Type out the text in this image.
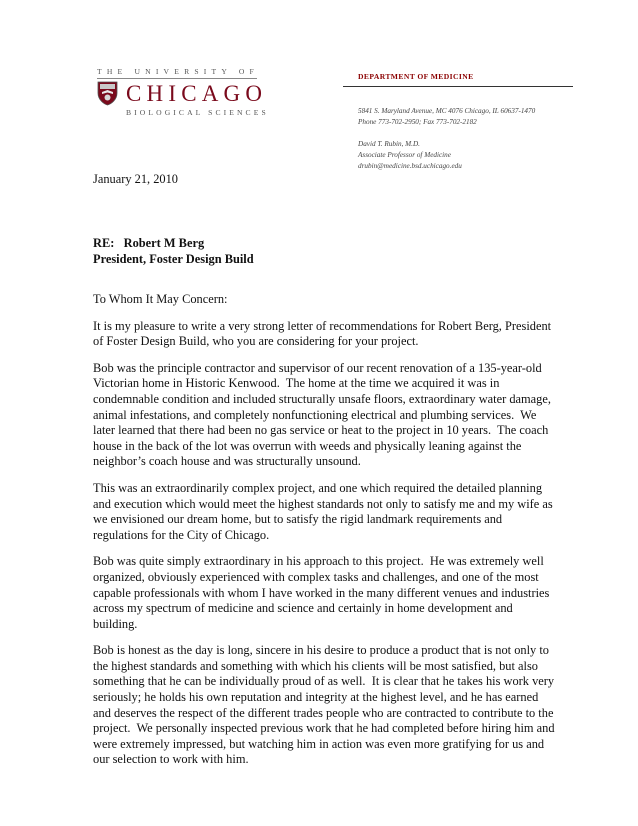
THE UNIVERSITY OF
CHICAGO
BIOLOGICAL SCIENCES
DEPARTMENT OF MEDICINE
5841 S. Maryland Avenue, MC 4076 Chicago, IL 60637-1470
Phone 773-702-2950; Fax 773-702-2182
David T. Rubin, M.D.
Associate Professor of Medicine
drubin@medicine.bsd.uchicago.edu
January 21, 2010
RE:   Robert M Berg
President, Foster Design Build

To Whom It May Concern:

It is my pleasure to write a very strong letter of recommendations for Robert Berg, President
of Foster Design Build, who you are considering for your project.

Bob was the principle contractor and supervisor of our recent renovation of a 135-year-old
Victorian home in Historic Kenwood.  The home at the time we acquired it was in
condemnable condition and included structurally unsafe floors, extraordinary water damage,
animal infestations, and completely nonfunctioning electrical and plumbing services.  We
later learned that there had been no gas service or heat to the project in 10 years.  The coach
house in the back of the lot was overrun with weeds and physically leaning against the
neighbor’s coach house and was structurally unsound.

This was an extraordinarily complex project, and one which required the detailed planning
and execution which would meet the highest standards not only to satisfy me and my wife as
we envisioned our dream home, but to satisfy the rigid landmark requirements and
regulations for the City of Chicago.

Bob was quite simply extraordinary in his approach to this project.  He was extremely well
organized, obviously experienced with complex tasks and challenges, and one of the most
capable professionals with whom I have worked in the many different venues and industries
across my spectrum of medicine and science and certainly in home development and
building.

Bob is honest as the day is long, sincere in his desire to produce a product that is not only to
the highest standards and something with which his clients will be most satisfied, but also
something that he can be individually proud of as well.  It is clear that he takes his work very
seriously; he holds his own reputation and integrity at the highest level, and he has earned
and deserves the respect of the different trades people who are contracted to contribute to the
project.  We personally inspected previous work that he had completed before hiring him and
were extremely impressed, but watching him in action was even more gratifying for us and
our selection to work with him.
